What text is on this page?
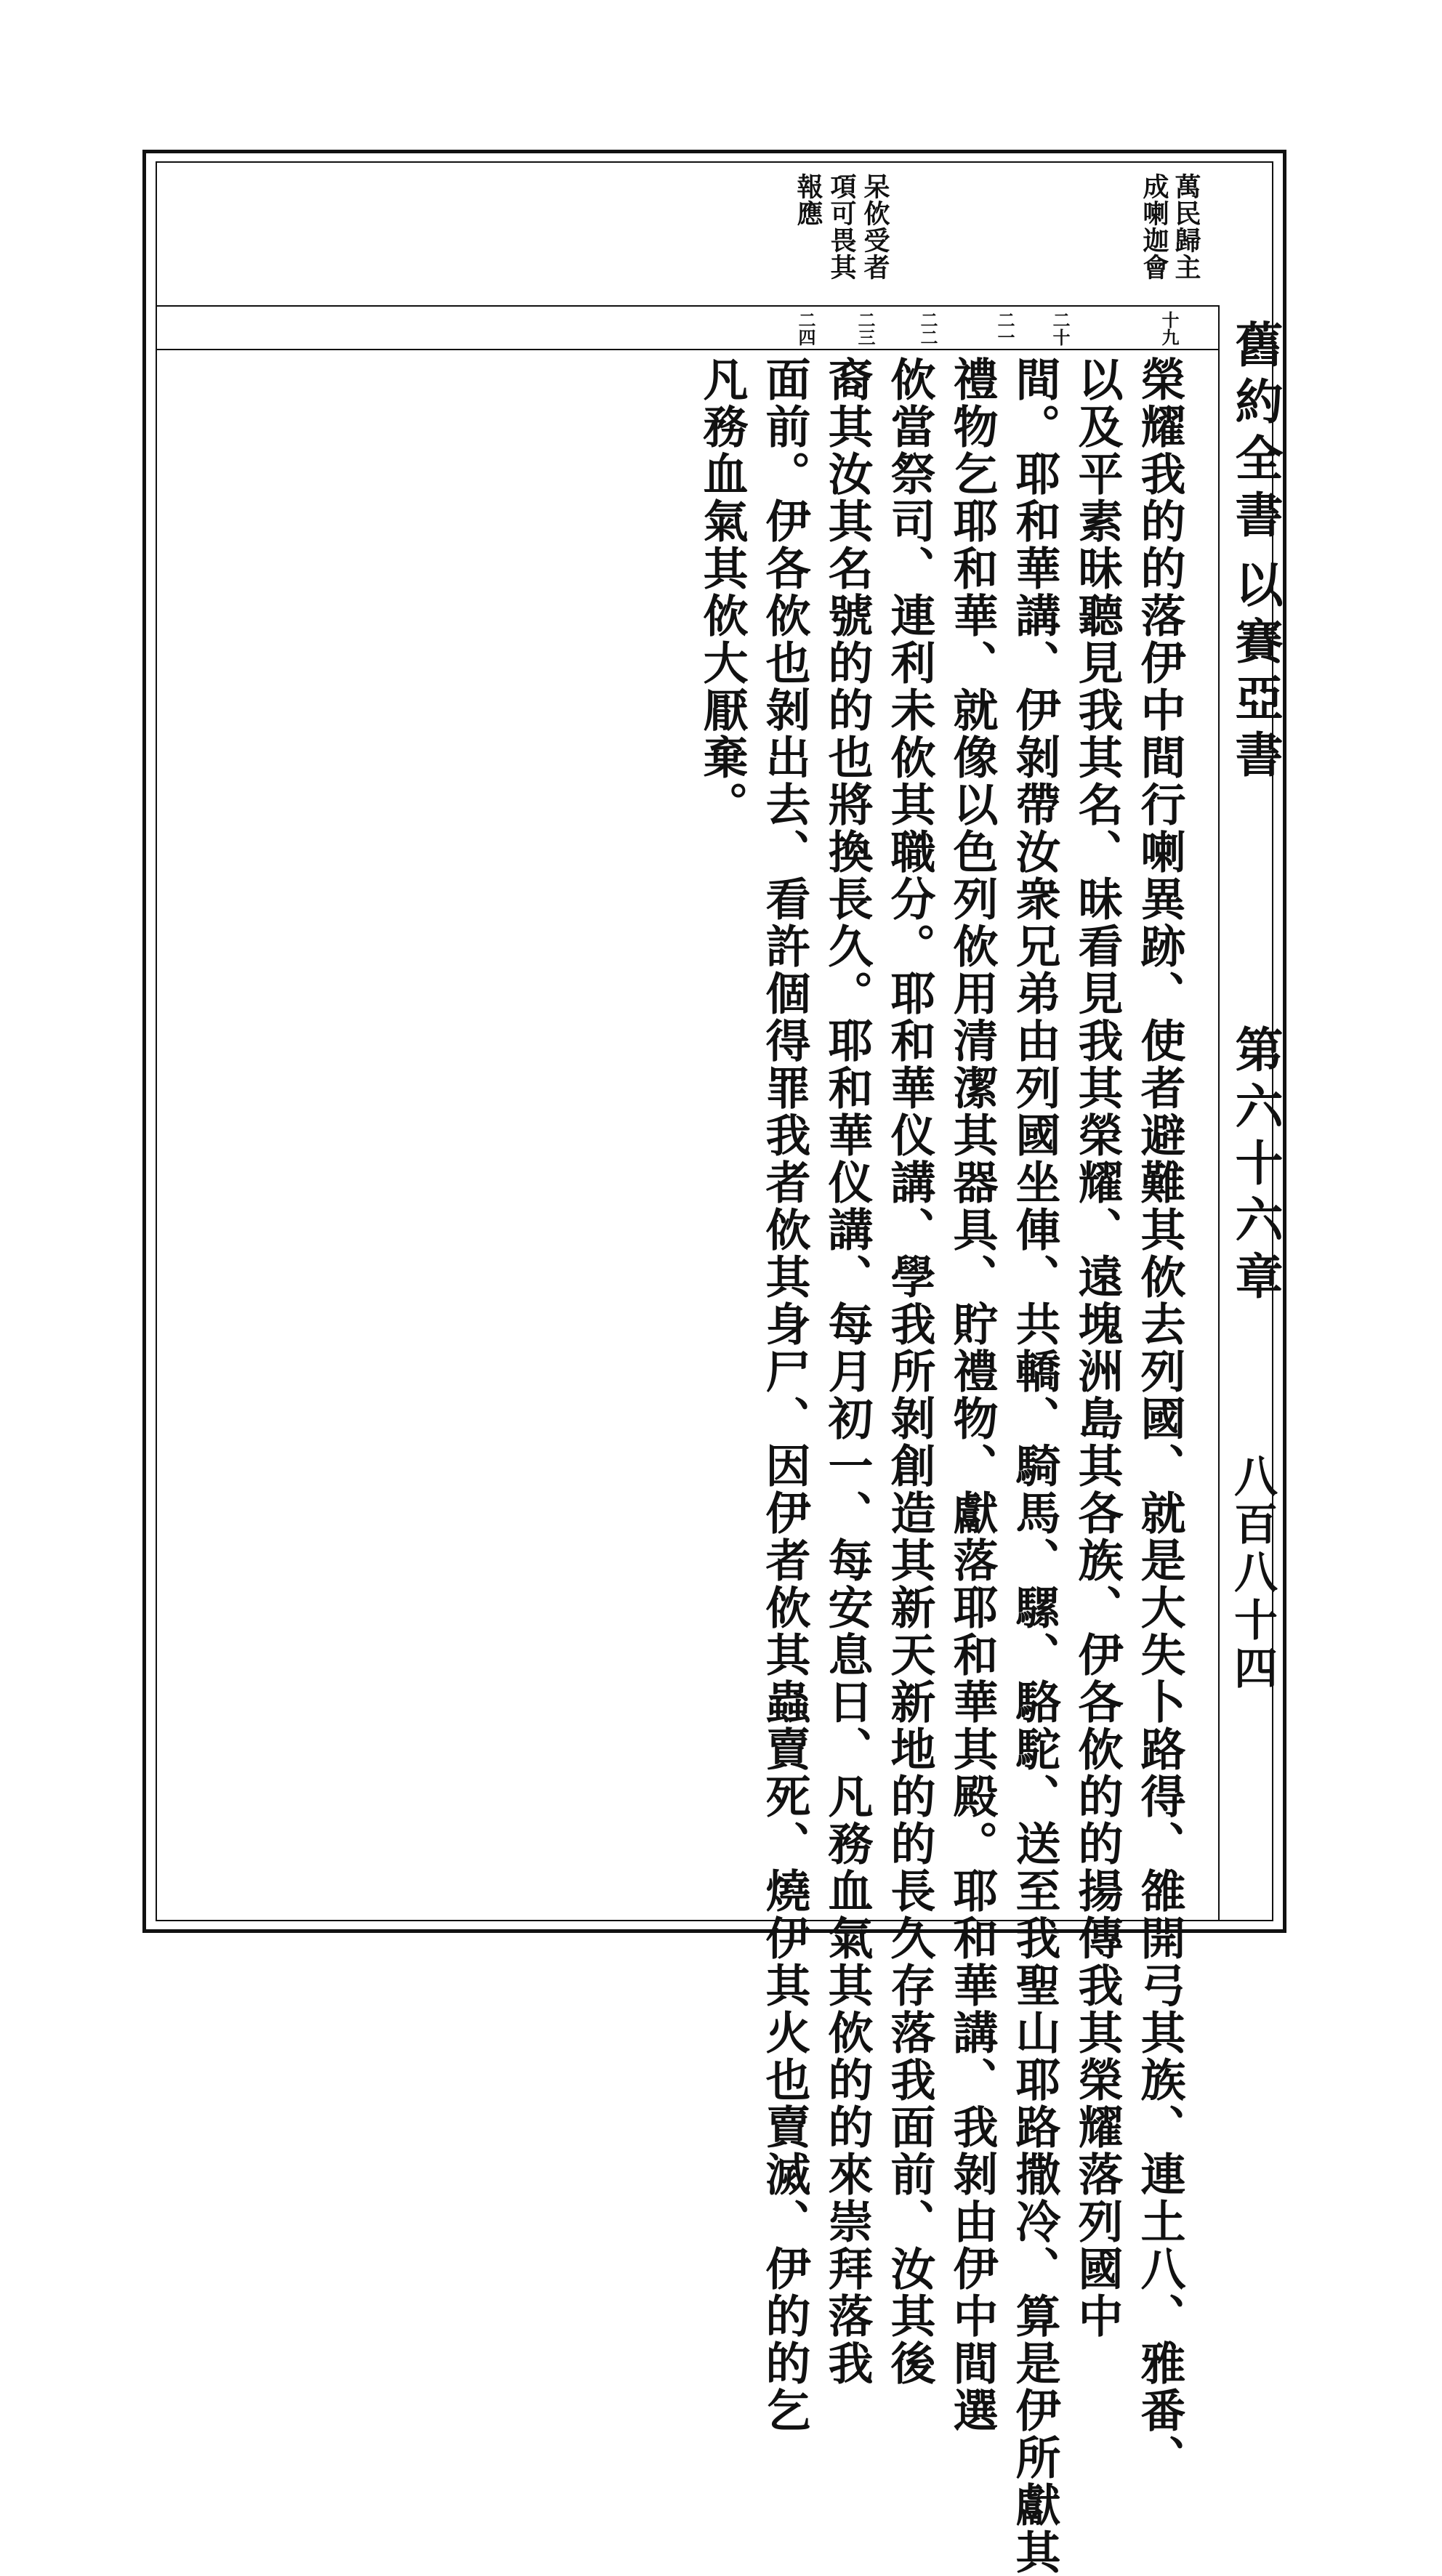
舊約全書
以賽亞書
第六十六章
八百八十四
萬民歸主
成喇迦會
呆佽受者
項可畏其
報應
十九
二十
二一
二二
二三
二四
榮耀我的的落伊中間行喇異跡、使者避難其佽去列國、就是大失卜路得、雒開弓其族、連土八、雅番、
以及平素昧聽見我其名、昧看見我其榮耀、遠塊洲島其各族、伊各佽的的揚傳我其榮耀落列國中
間。耶和華講、伊剝帶汝衆兄弟由列國坐俥、共轎、騎馬、騾、駱駝、送至我聖山耶路撒冷、算是伊所獻其
禮物乞耶和華、就像以色列佽用清潔其器具、貯禮物、獻落耶和華其殿。耶和華講、我剝由伊中間選
佽當祭司、連利未佽其職分。耶和華仪講、學我所剝創造其新天新地的的長久存落我面前、汝其後
裔其汝其名號的的也將換長久。耶和華仪講、每月初一、每安息日、凡務血氣其佽的的來崇拜落我
面前。伊各佽也剝出去、看許個得罪我者佽其身尸、因伊者佽其蟲賣死、燒伊其火也賣滅、伊的的乞
凡務血氣其佽大厭棄。
